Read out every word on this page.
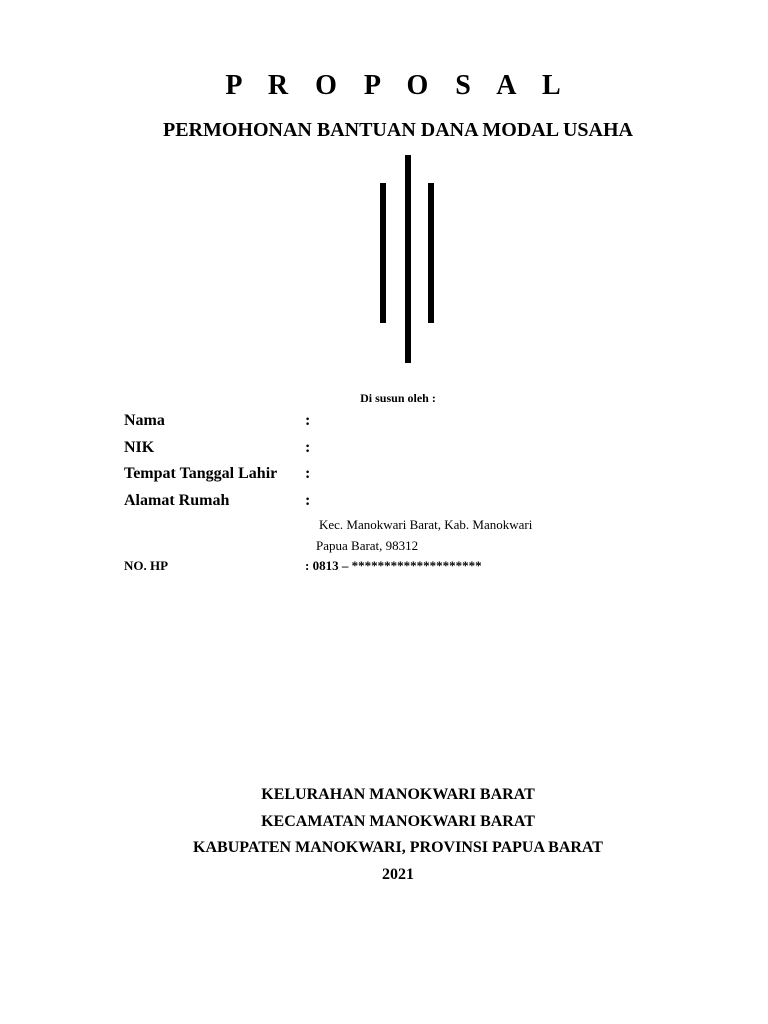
P R O P O S A L
PERMOHONAN BANTUAN DANA MODAL USAHA
Di susun oleh :
Nama	:
NIK	:
Tempat Tanggal Lahir :
Alamat Rumah	:
Kec. Manokwari Barat, Kab. Manokwari
Papua Barat, 98312
NO. HP	: 0813 – ********************
KELURAHAN MANOKWARI BARAT
KECAMATAN MANOKWARI BARAT
KABUPATEN MANOKWARI, PROVINSI PAPUA BARAT
2021
